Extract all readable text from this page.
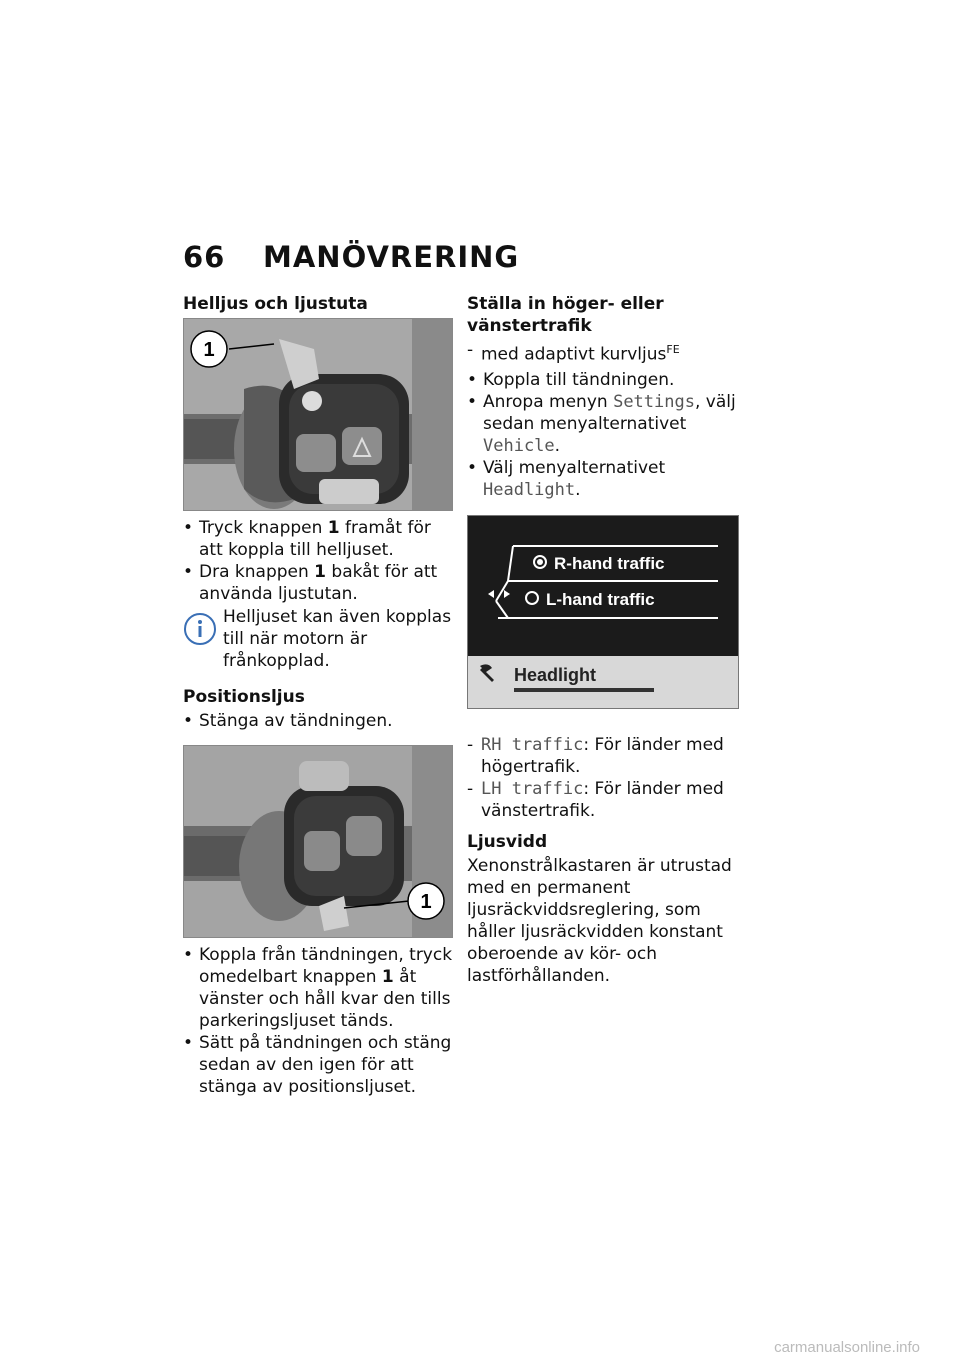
66 MANÖVRERING
Helljus och ljustuta
1
• Tryck knappen 1 framåt för att koppla till helljuset.
• Dra knappen 1 bakåt för att använda ljustutan.
Helljuset kan även kopplas till när motorn är frånkopplad.
Positionsljus
• Stänga av tändningen.
1
• Koppla från tändningen, tryck omedelbart knappen 1 åt vänster och håll kvar den tills parkeringsljuset tänds.
• Sätt på tändningen och stäng sedan av den igen för att stänga av positionsljuset.
Ställa in höger- eller vänstertrafik
- med adaptivt kurvljus$^{FE}$
• Koppla till tändningen.
• Anropa menyn Settings, välj sedan menyalternativet Vehicle.
• Välj menyalternativet Headlight.
R-hand traffic
L-hand traffic
Headlight
- RH traffic: För länder med högertrafik.
- LH traffic: För länder med vänstertrafik.
Ljusvidd
Xenonstrålkastaren är utrustad med en permanent ljusräckviddsreglering, som håller ljusräckvidden konstant oberoende av kör- och lastförhållanden.
carmanualsonline.info
